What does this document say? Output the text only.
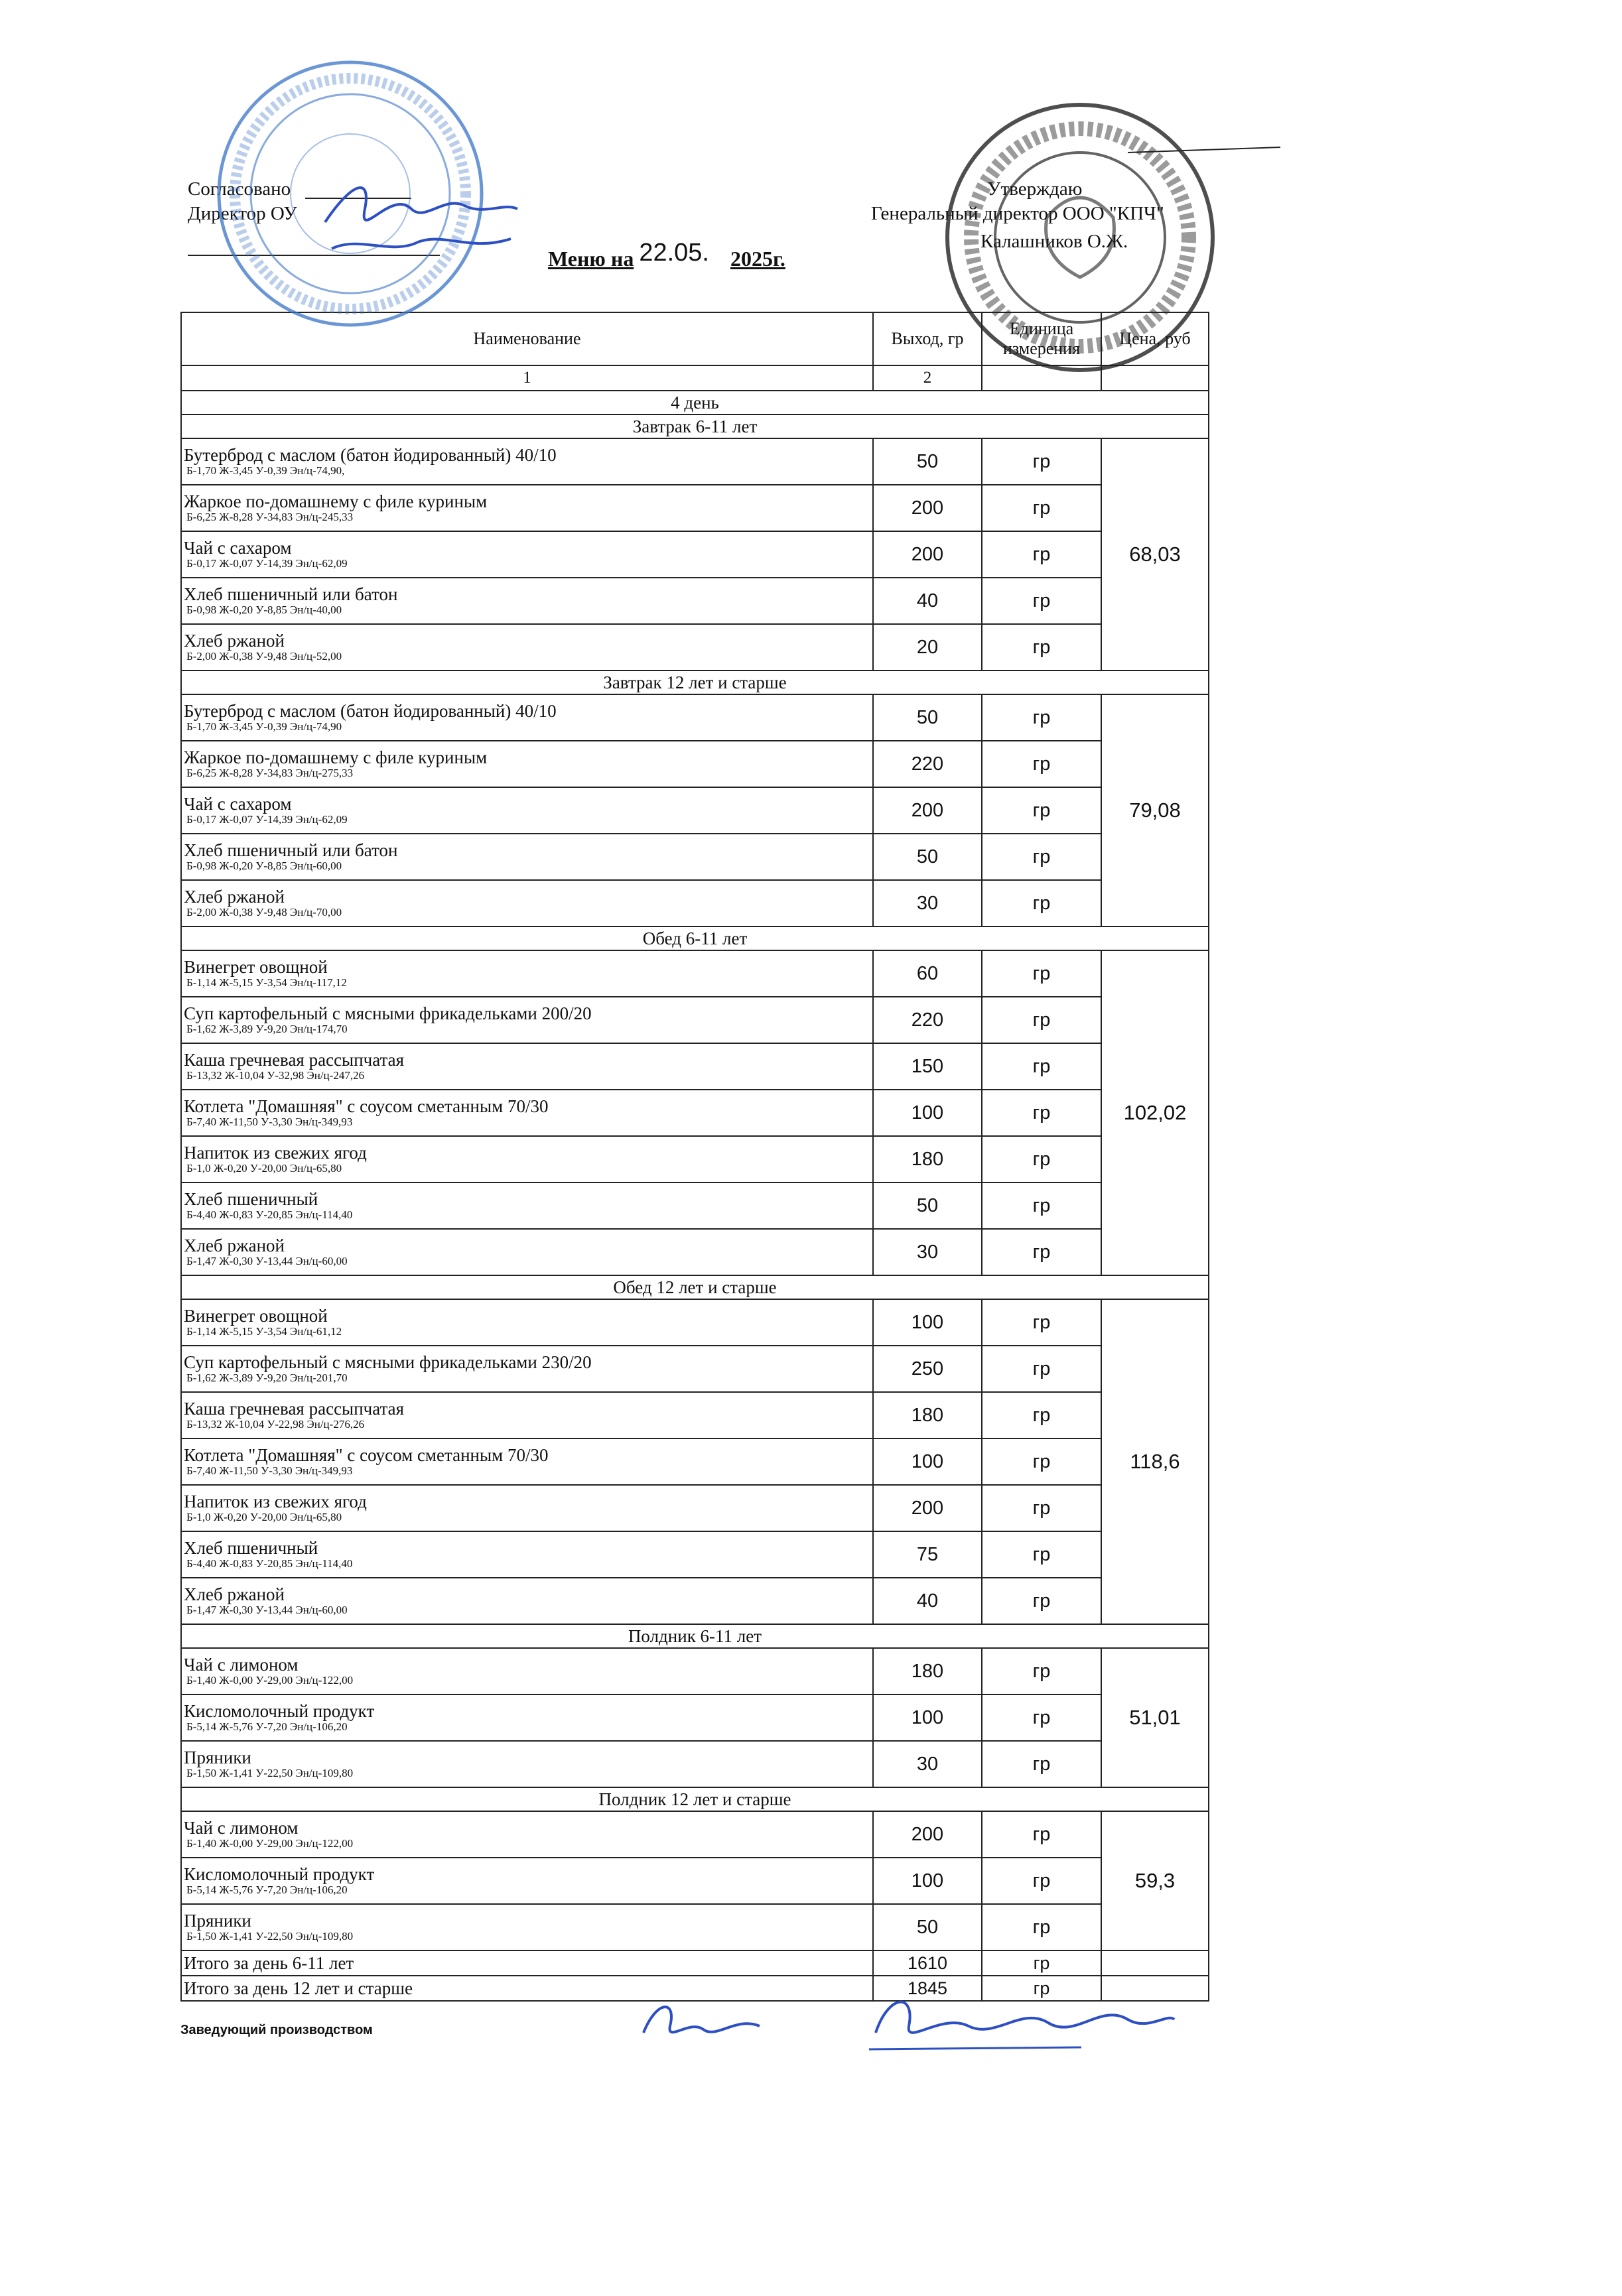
Согласовано
Директор ОУ
Утверждаю
Генеральный директор ООО "КПЧ"
Калашников О.Ж.
Меню на 22.05. 2025г.
Наименование	Выход, гр	Единица измерения	Цена, руб
1	2		
4 день			
Завтрак 6-11 лет			

Бутерброд с маслом (батон йодированный) 40/10
Б-1,70 Ж-3,45 У-0,39 Эн/ц-74,90,	50	гр	68,03

Жаркое по-домашнему с филе куриным
Б-6,25 Ж-8,28 У-34,83 Эн/ц-245,33	200	гр	

Чай с сахаром
Б-0,17 Ж-0,07 У-14,39 Эн/ц-62,09	200	гр	

Хлеб пшеничный или батон
Б-0,98 Ж-0,20 У-8,85 Эн/ц-40,00	40	гр	

Хлеб ржаной
Б-2,00 Ж-0,38 У-9,48 Эн/ц-52,00	20	гр	
Завтрак 12 лет и старше			

Бутерброд с маслом (батон йодированный) 40/10
Б-1,70 Ж-3,45 У-0,39 Эн/ц-74,90	50	гр	79,08

Жаркое по-домашнему с филе куриным
Б-6,25 Ж-8,28 У-34,83 Эн/ц-275,33	220	гр	

Чай с сахаром
Б-0,17 Ж-0,07 У-14,39 Эн/ц-62,09	200	гр	

Хлеб пшеничный или батон
Б-0,98 Ж-0,20 У-8,85 Эн/ц-60,00	50	гр	

Хлеб ржаной
Б-2,00 Ж-0,38 У-9,48 Эн/ц-70,00	30	гр	
Обед 6-11 лет			

Винегрет овощной
Б-1,14 Ж-5,15 У-3,54 Эн/ц-117,12	60	гр	102,02

Суп картофельный с мясными фрикадельками 200/20
Б-1,62 Ж-3,89 У-9,20 Эн/ц-174,70	220	гр	

Каша гречневая рассыпчатая
Б-13,32 Ж-10,04 У-32,98 Эн/ц-247,26	150	гр	

Котлета "Домашняя" с соусом сметанным 70/30
Б-7,40 Ж-11,50 У-3,30 Эн/ц-349,93	100	гр	

Напиток из свежих ягод
Б-1,0 Ж-0,20 У-20,00 Эн/ц-65,80	180	гр	

Хлеб пшеничный
Б-4,40 Ж-0,83 У-20,85 Эн/ц-114,40	50	гр	

Хлеб ржаной
Б-1,47 Ж-0,30 У-13,44 Эн/ц-60,00	30	гр	
Обед 12 лет и старше			

Винегрет овощной
Б-1,14 Ж-5,15 У-3,54 Эн/ц-61,12	100	гр	118,6

Суп картофельный с мясными фрикадельками 230/20
Б-1,62 Ж-3,89 У-9,20 Эн/ц-201,70	250	гр	

Каша гречневая рассыпчатая
Б-13,32 Ж-10,04 У-22,98 Эн/ц-276,26	180	гр	

Котлета "Домашняя" с соусом сметанным 70/30
Б-7,40 Ж-11,50 У-3,30 Эн/ц-349,93	100	гр	

Напиток из свежих ягод
Б-1,0 Ж-0,20 У-20,00 Эн/ц-65,80	200	гр	

Хлеб пшеничный
Б-4,40 Ж-0,83 У-20,85 Эн/ц-114,40	75	гр	

Хлеб ржаной
Б-1,47 Ж-0,30 У-13,44 Эн/ц-60,00	40	гр	
Полдник 6-11 лет			

Чай с лимоном
Б-1,40 Ж-0,00 У-29,00 Эн/ц-122,00	180	гр	51,01

Кисломолочный продукт
Б-5,14 Ж-5,76 У-7,20 Эн/ц-106,20	100	гр	

Пряники
Б-1,50 Ж-1,41 У-22,50 Эн/ц-109,80	30	гр	
Полдник 12 лет и старше			

Чай с лимоном
Б-1,40 Ж-0,00 У-29,00 Эн/ц-122,00	200	гр	59,3

Кисломолочный продукт
Б-5,14 Ж-5,76 У-7,20 Эн/ц-106,20	100	гр	

Пряники
Б-1,50 Ж-1,41 У-22,50 Эн/ц-109,80	50	гр	
Итого за день 6-11 лет	1610	гр	
Итого за день 12 лет и старше	1845	гр	
Заведующий производством
